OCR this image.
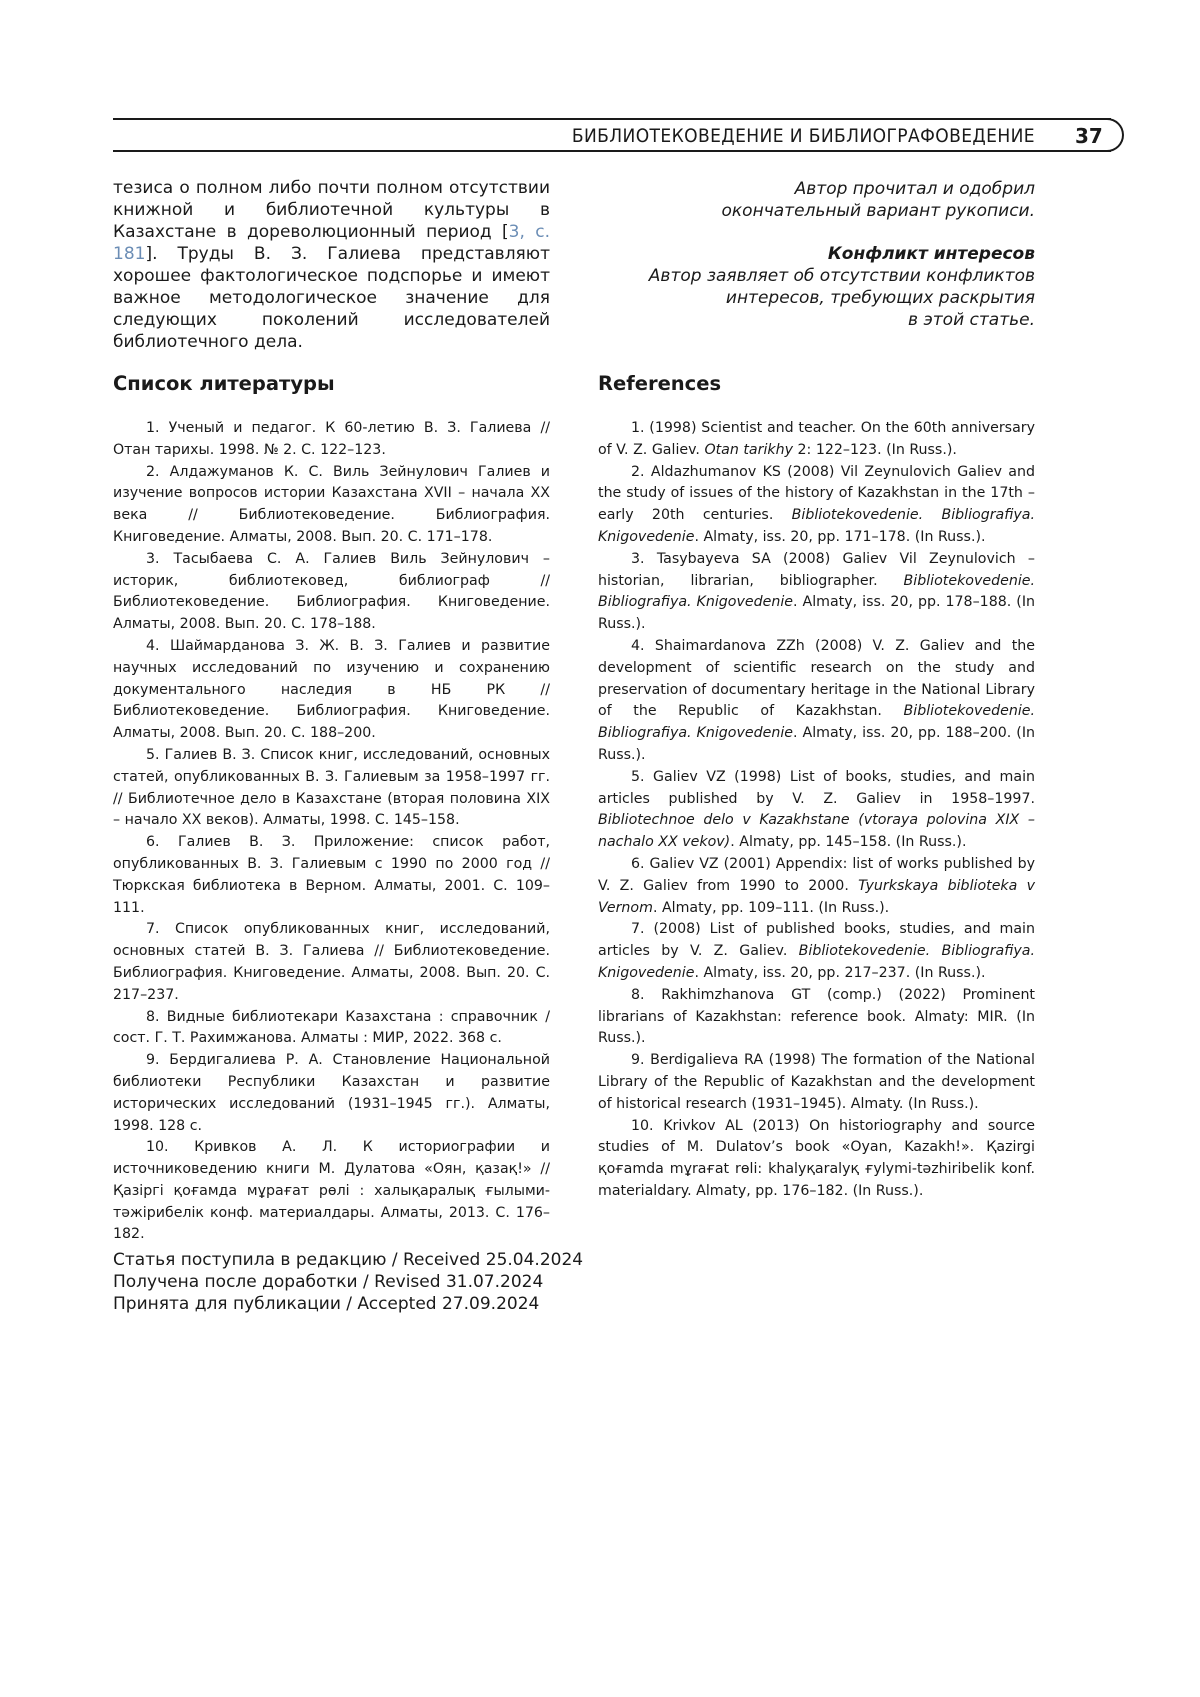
БИБЛИОТЕКОВЕДЕНИЕ И БИБЛИОГРАФОВЕДЕНИЕ 37
тезиса о полном либо почти полном отсутствии книжной и библиотечной культуры в Казахстане в дореволюционный период [3, с. 181]. Труды В. З. Галиева представляют хорошее фактологическое подспорье и имеют важное методологическое значение для следующих поколений исследователей библиотечного дела.
Автор прочитал и одобрил
окончательный вариант рукописи.
Конфликт интересов
Автор заявляет об отсутствии конфликтов
интересов, требующих раскрытия
в этой статье.
Список литературы	References

1. Ученый и педагог. К 60-летию В. З. Галиева // Отан тарихы. 1998. № 2. С. 122–123.

2. Алдажуманов К. С. Виль Зейнулович Галиев и изучение вопросов истории Казахстана XVII – начала XX века // Библиотековедение. Библиография. Книговедение. Алматы, 2008. Вып. 20. С. 171–178.

3. Тасыбаева С. А. Галиев Виль Зейнулович – историк, библиотековед, библиограф // Библиотековедение. Библиография. Книговедение. Алматы, 2008. Вып. 20. С. 178–188.

4. Шаймарданова З. Ж. В. З. Галиев и развитие научных исследований по изучению и сохранению документального наследия в НБ РК // Библиотековедение. Библиография. Книговедение. Алматы, 2008. Вып. 20. С. 188–200.

5. Галиев В. З. Список книг, исследований, основных статей, опубликованных В. З. Галиевым за 1958–1997 гг. // Библиотечное дело в Казахстане (вторая половина XIX – начало XX веков). Алматы, 1998. С. 145–158.

6. Галиев В. З. Приложение: список работ, опубликованных В. З. Галиевым с 1990 по 2000 год // Тюркская библиотека в Верном. Алматы, 2001. С. 109–111.

7. Список опубликованных книг, исследований, основных статей В. З. Галиева // Библиотековедение. Библиография. Книговедение. Алматы, 2008. Вып. 20. С. 217–237.

8. Видные библиотекари Казахстана : справочник / сост. Г. Т. Рахимжанова. Алматы : МИР, 2022. 368 с.

9. Бердигалиева Р. А. Становление Национальной библиотеки Республики Казахстан и развитие исторических исследований (1931–1945 гг.). Алматы, 1998. 128 с.

10. Кривков А. Л. К историографии и источниковедению книги М. Дулатова «Оян, қазақ!» // Қазіргі қоғамда мұрағат рөлі : халықаралық ғылыми-тәжірибелік конф. материалдары. Алматы, 2013. С. 176–182.

1. (1998) Scientist and teacher. On the 60th anniversary of V. Z. Galiev. Otan tarikhy 2: 122–123. (In Russ.).

2. Aldazhumanov KS (2008) Vil Zeynulovich Galiev and the study of issues of the history of Kazakhstan in the 17th – early 20th centuries. Bibliotekovedenie. Bibliografiya. Knigovedenie. Almaty, iss. 20, pp. 171–178. (In Russ.).

3. Tasybayeva SA (2008) Galiev Vil Zeynulovich – historian, librarian, bibliographer. Bibliotekovedenie. Bibliografiya. Knigovedenie. Almaty, iss. 20, pp. 178–188. (In Russ.).

4. Shaimardanova ZZh (2008) V. Z. Galiev and the development of scientific research on the study and preservation of documentary heritage in the National Library of the Republic of Kazakhstan. Bibliotekovedenie. Bibliografiya. Knigovedenie. Almaty, iss. 20, pp. 188–200. (In Russ.).

5. Galiev VZ (1998) List of books, studies, and main articles published by V. Z. Galiev in 1958–1997. Bibliotechnoe delo v Kazakhstane (vtoraya polovina XIX – nachalo XX vekov). Almaty, pp. 145–158. (In Russ.).

6. Galiev VZ (2001) Appendix: list of works published by V. Z. Galiev from 1990 to 2000. Tyurkskaya biblioteka v Vernom. Almaty, pp. 109–111. (In Russ.).

7. (2008) List of published books, studies, and main articles by V. Z. Galiev. Bibliotekovedenie. Bibliografiya. Knigovedenie. Almaty, iss. 20, pp. 217–237. (In Russ.).

8. Rakhimzhanova GT (comp.) (2022) Prominent librarians of Kazakhstan: reference book. Almaty: MIR. (In Russ.).

9. Berdigalieva RA (1998) The formation of the National Library of the Republic of Kazakhstan and the development of historical research (1931–1945). Almaty. (In Russ.).

10. Krivkov AL (2013) On historiography and source studies of M. Dulatov’s book «Oyan, Kazakh!». Қazirgi қoғamda mұraғat rөli: khalyқaralyқ ғylymi-tәzhiribelik konf. materialdary. Almaty, pp. 176–182. (In Russ.).

Статья поступила в редакцию / Received 25.04.2024
Получена после доработки / Revised 31.07.2024
Принята для публикации / Accepted 27.09.2024
